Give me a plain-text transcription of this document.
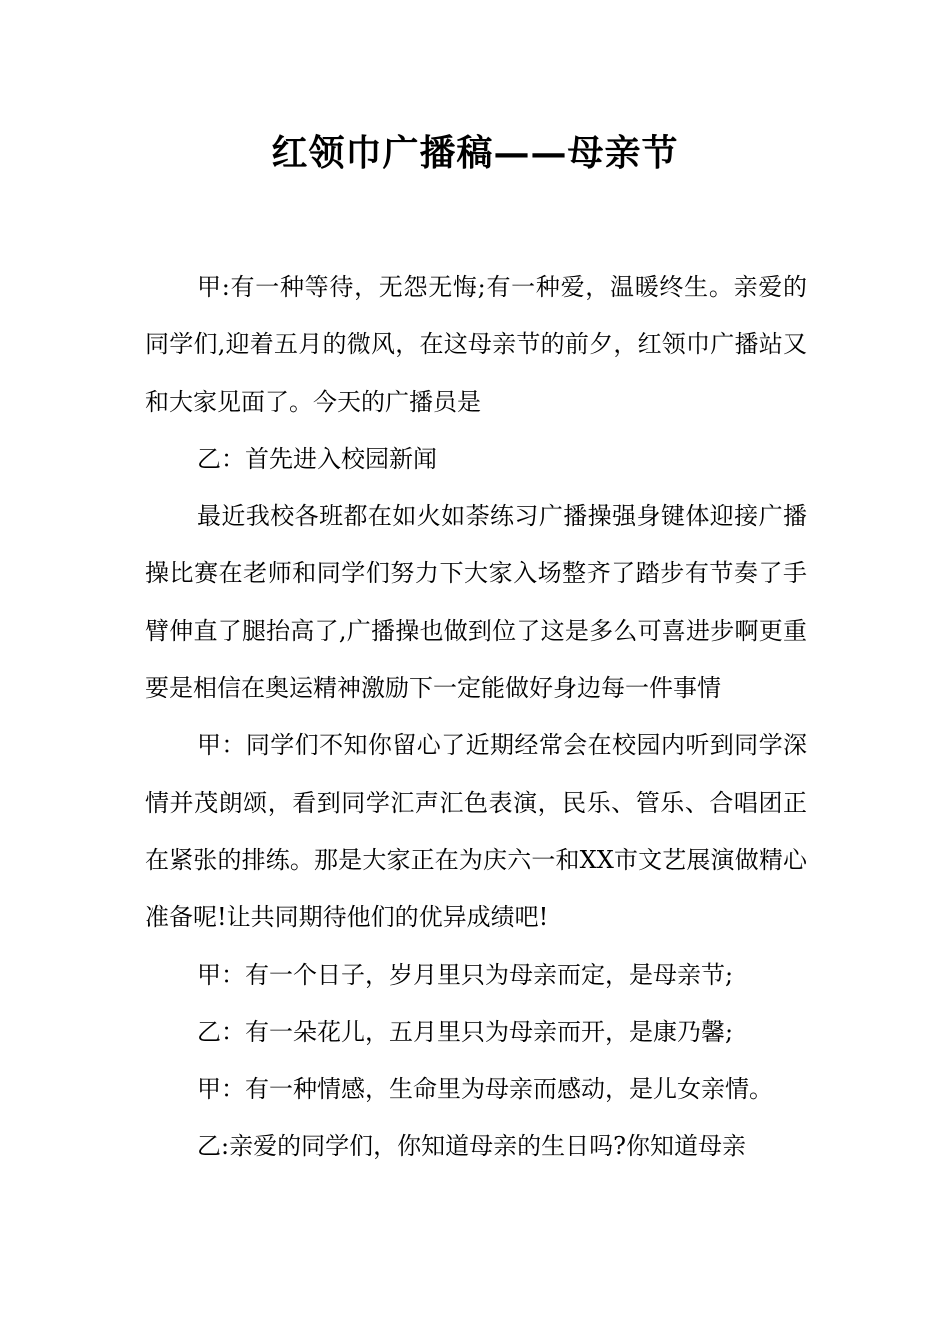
红领巾广播稿——母亲节

甲:有一种等待，无怨无悔;有一种爱，温暖终生。亲爱的同学们,迎着五月的微风，在这母亲节的前夕，红领巾广播站又和大家见面了。今天的广播员是

乙：首先进入校园新闻

最近我校各班都在如火如荼练习广播操强身键体迎接广播操比赛在老师和同学们努力下大家入场整齐了踏步有节奏了手臂伸直了腿抬高了,广播操也做到位了这是多么可喜进步啊更重要是相信在奥运精神激励下一定能做好身边每一件事情

甲：同学们不知你留心了近期经常会在校园内听到同学深情并茂朗颂，看到同学汇声汇色表演，民乐、管乐、合唱团正在紧张的排练。那是大家正在为庆六一和XX市文艺展演做精心准备呢!让共同期待他们的优异成绩吧!

甲：有一个日子，岁月里只为母亲而定，是母亲节;

乙：有一朵花儿，五月里只为母亲而开，是康乃馨;

甲：有一种情感，生命里为母亲而感动，是儿女亲情。

乙:亲爱的同学们，你知道母亲的生日吗?你知道母亲
